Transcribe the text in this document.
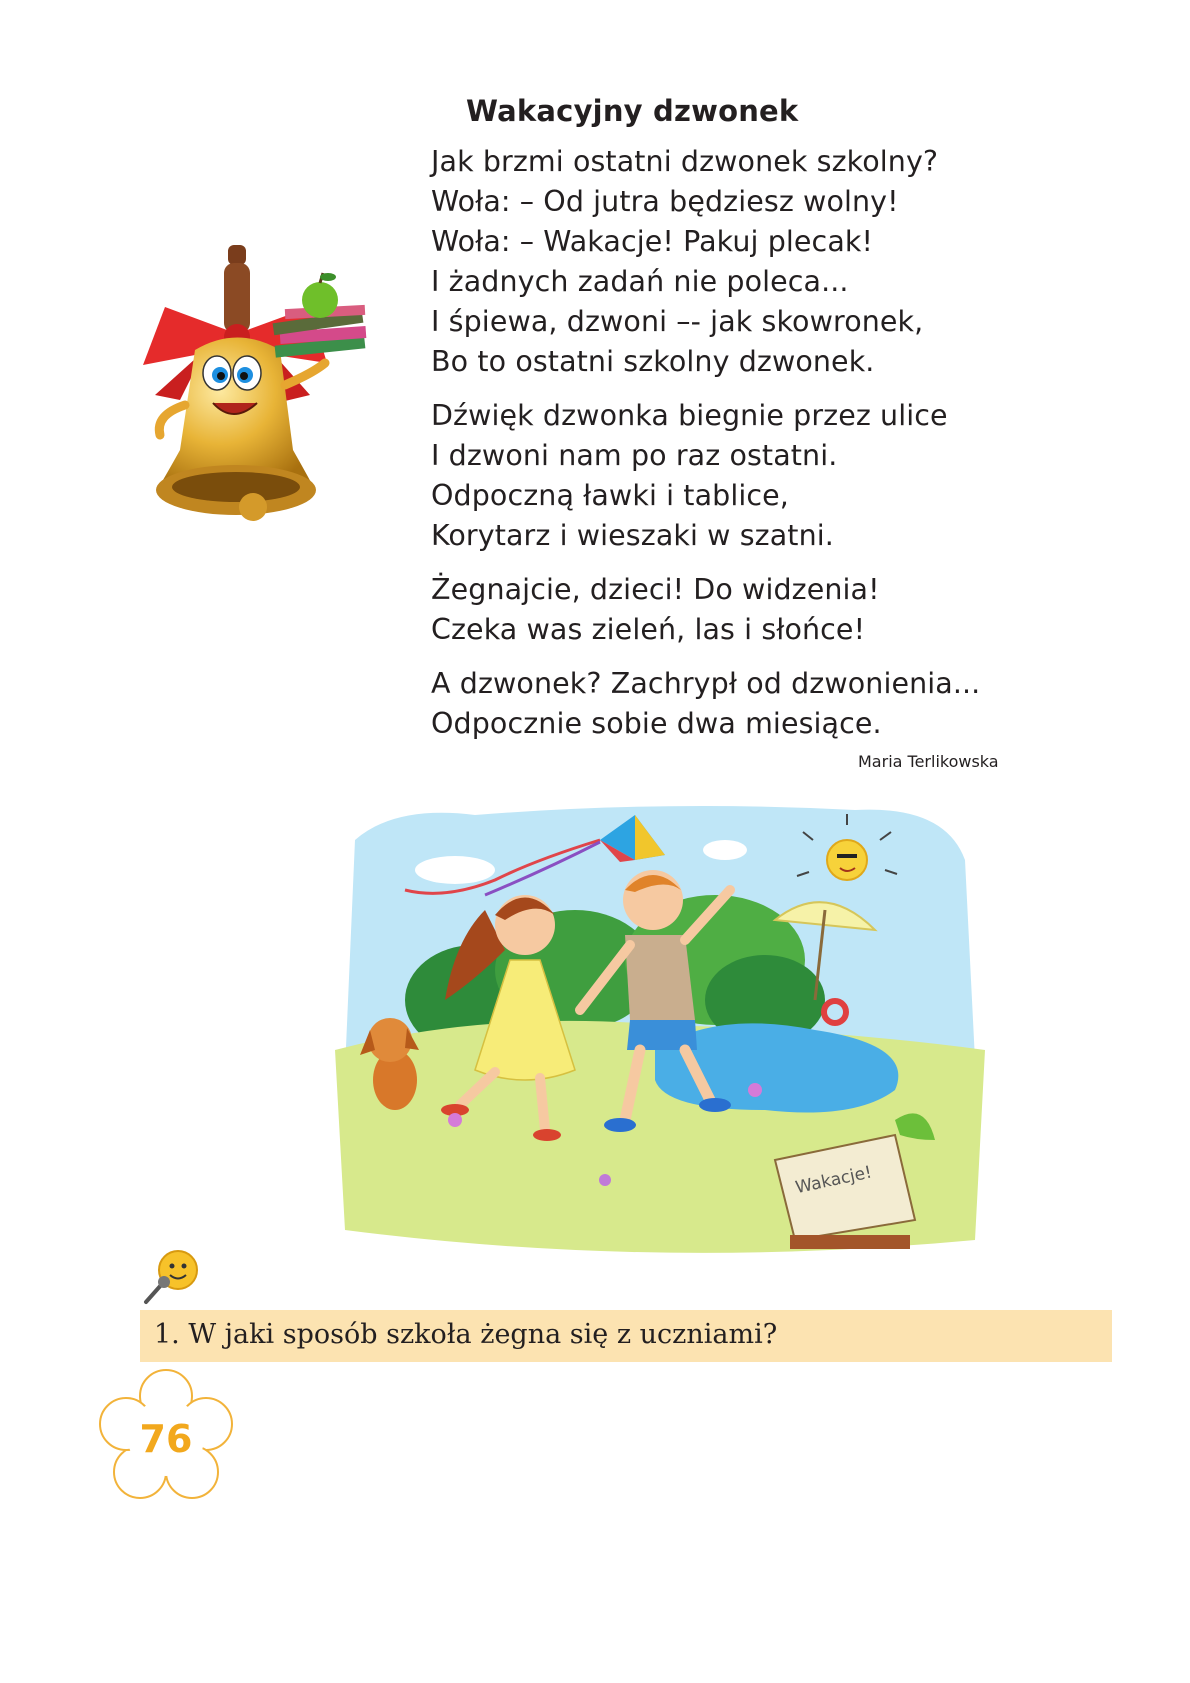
Wakacyjny dzwonek
Jak brzmi ostatni dzwonek szkolny?
Woła: – Od jutra będziesz wolny!
Woła: – Wakacje! Pakuj plecak!
I żadnych zadań nie poleca...
I śpiewa, dzwoni –- jak skowronek,
Bo to ostatni szkolny dzwonek.
Dźwięk dzwonka biegnie przez ulice
I dzwoni nam po raz ostatni.
Odpoczną ławki i tablice,
Korytarz i wieszaki w szatni.
Żegnajcie, dzieci! Do widzenia!
Czeka was zieleń, las i słońce!
A dzwonek? Zachrypł od dzwonienia...
Odpocznie sobie dwa miesiące.
Maria Terlikowska
Wakacje!
1. W jaki sposób szkoła żegna się z uczniami?
76
